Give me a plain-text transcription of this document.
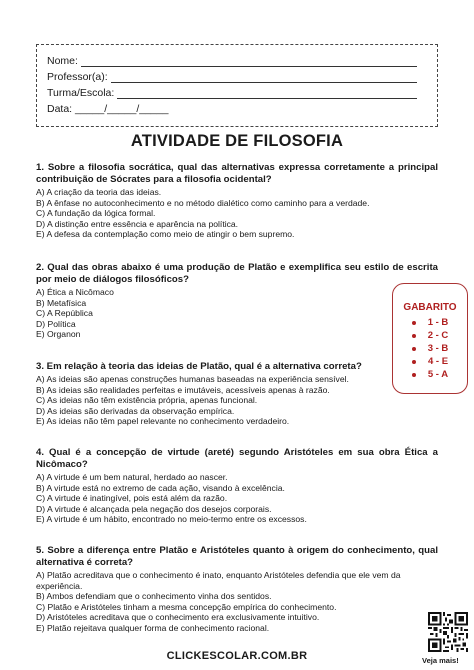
Nome:
Professor(a):
Turma/Escola:
Data: _____/_____/_____
ATIVIDADE DE FILOSOFIA
1. Sobre a filosofia socrática, qual das alternativas expressa corretamente a principal contribuição de Sócrates para a filosofia ocidental?
A) A criação da teoria das ideias.
B) A ênfase no autoconhecimento e no método dialético como caminho para a verdade.
C) A fundação da lógica formal.
D) A distinção entre essência e aparência na política.
E) A defesa da contemplação como meio de atingir o bem supremo.
2. Qual das obras abaixo é uma produção de Platão e exemplifica seu estilo de escrita por meio de diálogos filosóficos?
A) Ética a Nicômaco
B) Metafísica
C) A República
D) Política
E) Organon
3. Em relação à teoria das ideias de Platão, qual é a alternativa correta?
A) As ideias são apenas construções humanas baseadas na experiência sensível.
B) As ideias são realidades perfeitas e imutáveis, acessíveis apenas à razão.
C) As ideias não têm existência própria, apenas funcional.
D) As ideias são derivadas da observação empírica.
E) As ideias não têm papel relevante no conhecimento verdadeiro.
4. Qual é a concepção de virtude (areté) segundo Aristóteles em sua obra Ética a Nicômaco?
A) A virtude é um bem natural, herdado ao nascer.
B) A virtude está no extremo de cada ação, visando à excelência.
C) A virtude é inatingível, pois está além da razão.
D) A virtude é alcançada pela negação dos desejos corporais.
E) A virtude é um hábito, encontrado no meio-termo entre os excessos.
5. Sobre a diferença entre Platão e Aristóteles quanto à origem do conhecimento, qual alternativa é correta?
A) Platão acreditava que o conhecimento é inato, enquanto Aristóteles defendia que ele vem da experiência.
B) Ambos defendiam que o conhecimento vinha dos sentidos.
C) Platão e Aristóteles tinham a mesma concepção empírica do conhecimento.
D) Aristóteles acreditava que o conhecimento era exclusivamente intuitivo.
E) Platão rejeitava qualquer forma de conhecimento racional.
GABARITO
1 - B
2 - C
3 - B
4 - E
5 - A
CLICKESCOLAR.COM.BR	Veja mais!
